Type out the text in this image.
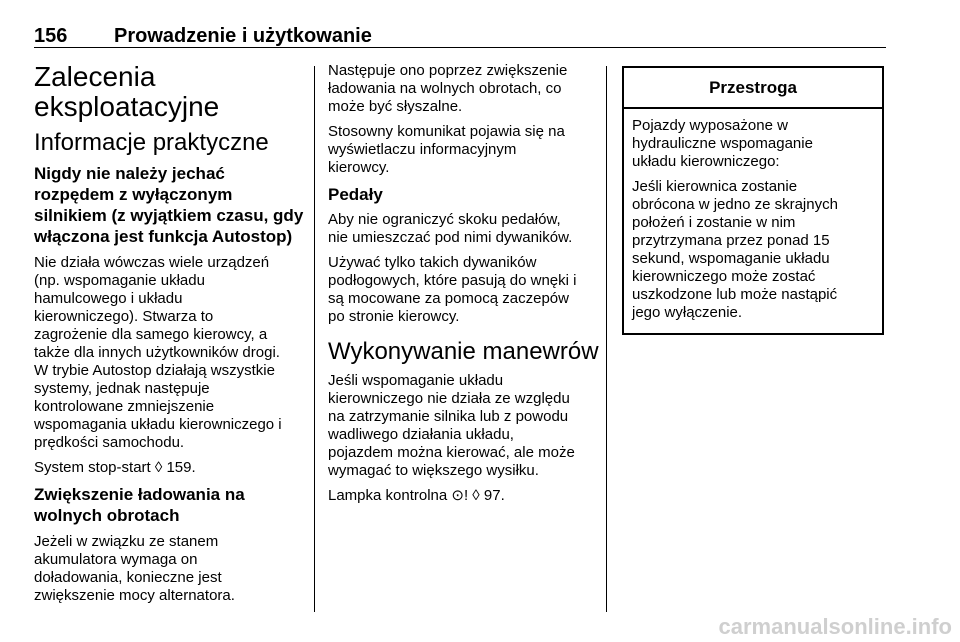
156 Prowadzenie i użytkowanie
Zalecenia
eksploatacyjne
Informacje praktyczne
Nigdy nie należy jechać
rozpędem z wyłączonym
silnikiem (z wyjątkiem czasu, gdy
włączona jest funkcja Autostop)
Nie działa wówczas wiele urządzeń
(np. wspomaganie układu
hamulcowego i układu
kierowniczego). Stwarza to
zagrożenie dla samego kierowcy, a
także dla innych użytkowników drogi.
W trybie Autostop działają wszystkie
systemy, jednak następuje
kontrolowane zmniejszenie
wspomagania układu kierowniczego i
prędkości samochodu.
System stop-start ◊ 159.
Zwiększenie ładowania na
wolnych obrotach
Jeżeli w związku ze stanem
akumulatora wymaga on
doładowania, konieczne jest
zwiększenie mocy alternatora.
Następuje ono poprzez zwiększenie
ładowania na wolnych obrotach, co
może być słyszalne.
Stosowny komunikat pojawia się na
wyświetlaczu informacyjnym
kierowcy.
Pedały
Aby nie ograniczyć skoku pedałów,
nie umieszczać pod nimi dywaników.
Używać tylko takich dywaników
podłogowych, które pasują do wnęki i
są mocowane za pomocą zaczepów
po stronie kierowcy.
Wykonywanie manewrów
Jeśli wspomaganie układu
kierowniczego nie działa ze względu
na zatrzymanie silnika lub z powodu
wadliwego działania układu,
pojazdem można kierować, ale może
wymagać to większego wysiłku.
Lampka kontrolna ⊙! ◊ 97.
Przestroga
Pojazdy wyposażone w
hydrauliczne wspomaganie
układu kierowniczego:
Jeśli kierownica zostanie
obrócona w jedno ze skrajnych
położeń i zostanie w nim
przytrzymana przez ponad 15
sekund, wspomaganie układu
kierowniczego może zostać
uszkodzone lub może nastąpić
jego wyłączenie.
carmanualsonline.info
